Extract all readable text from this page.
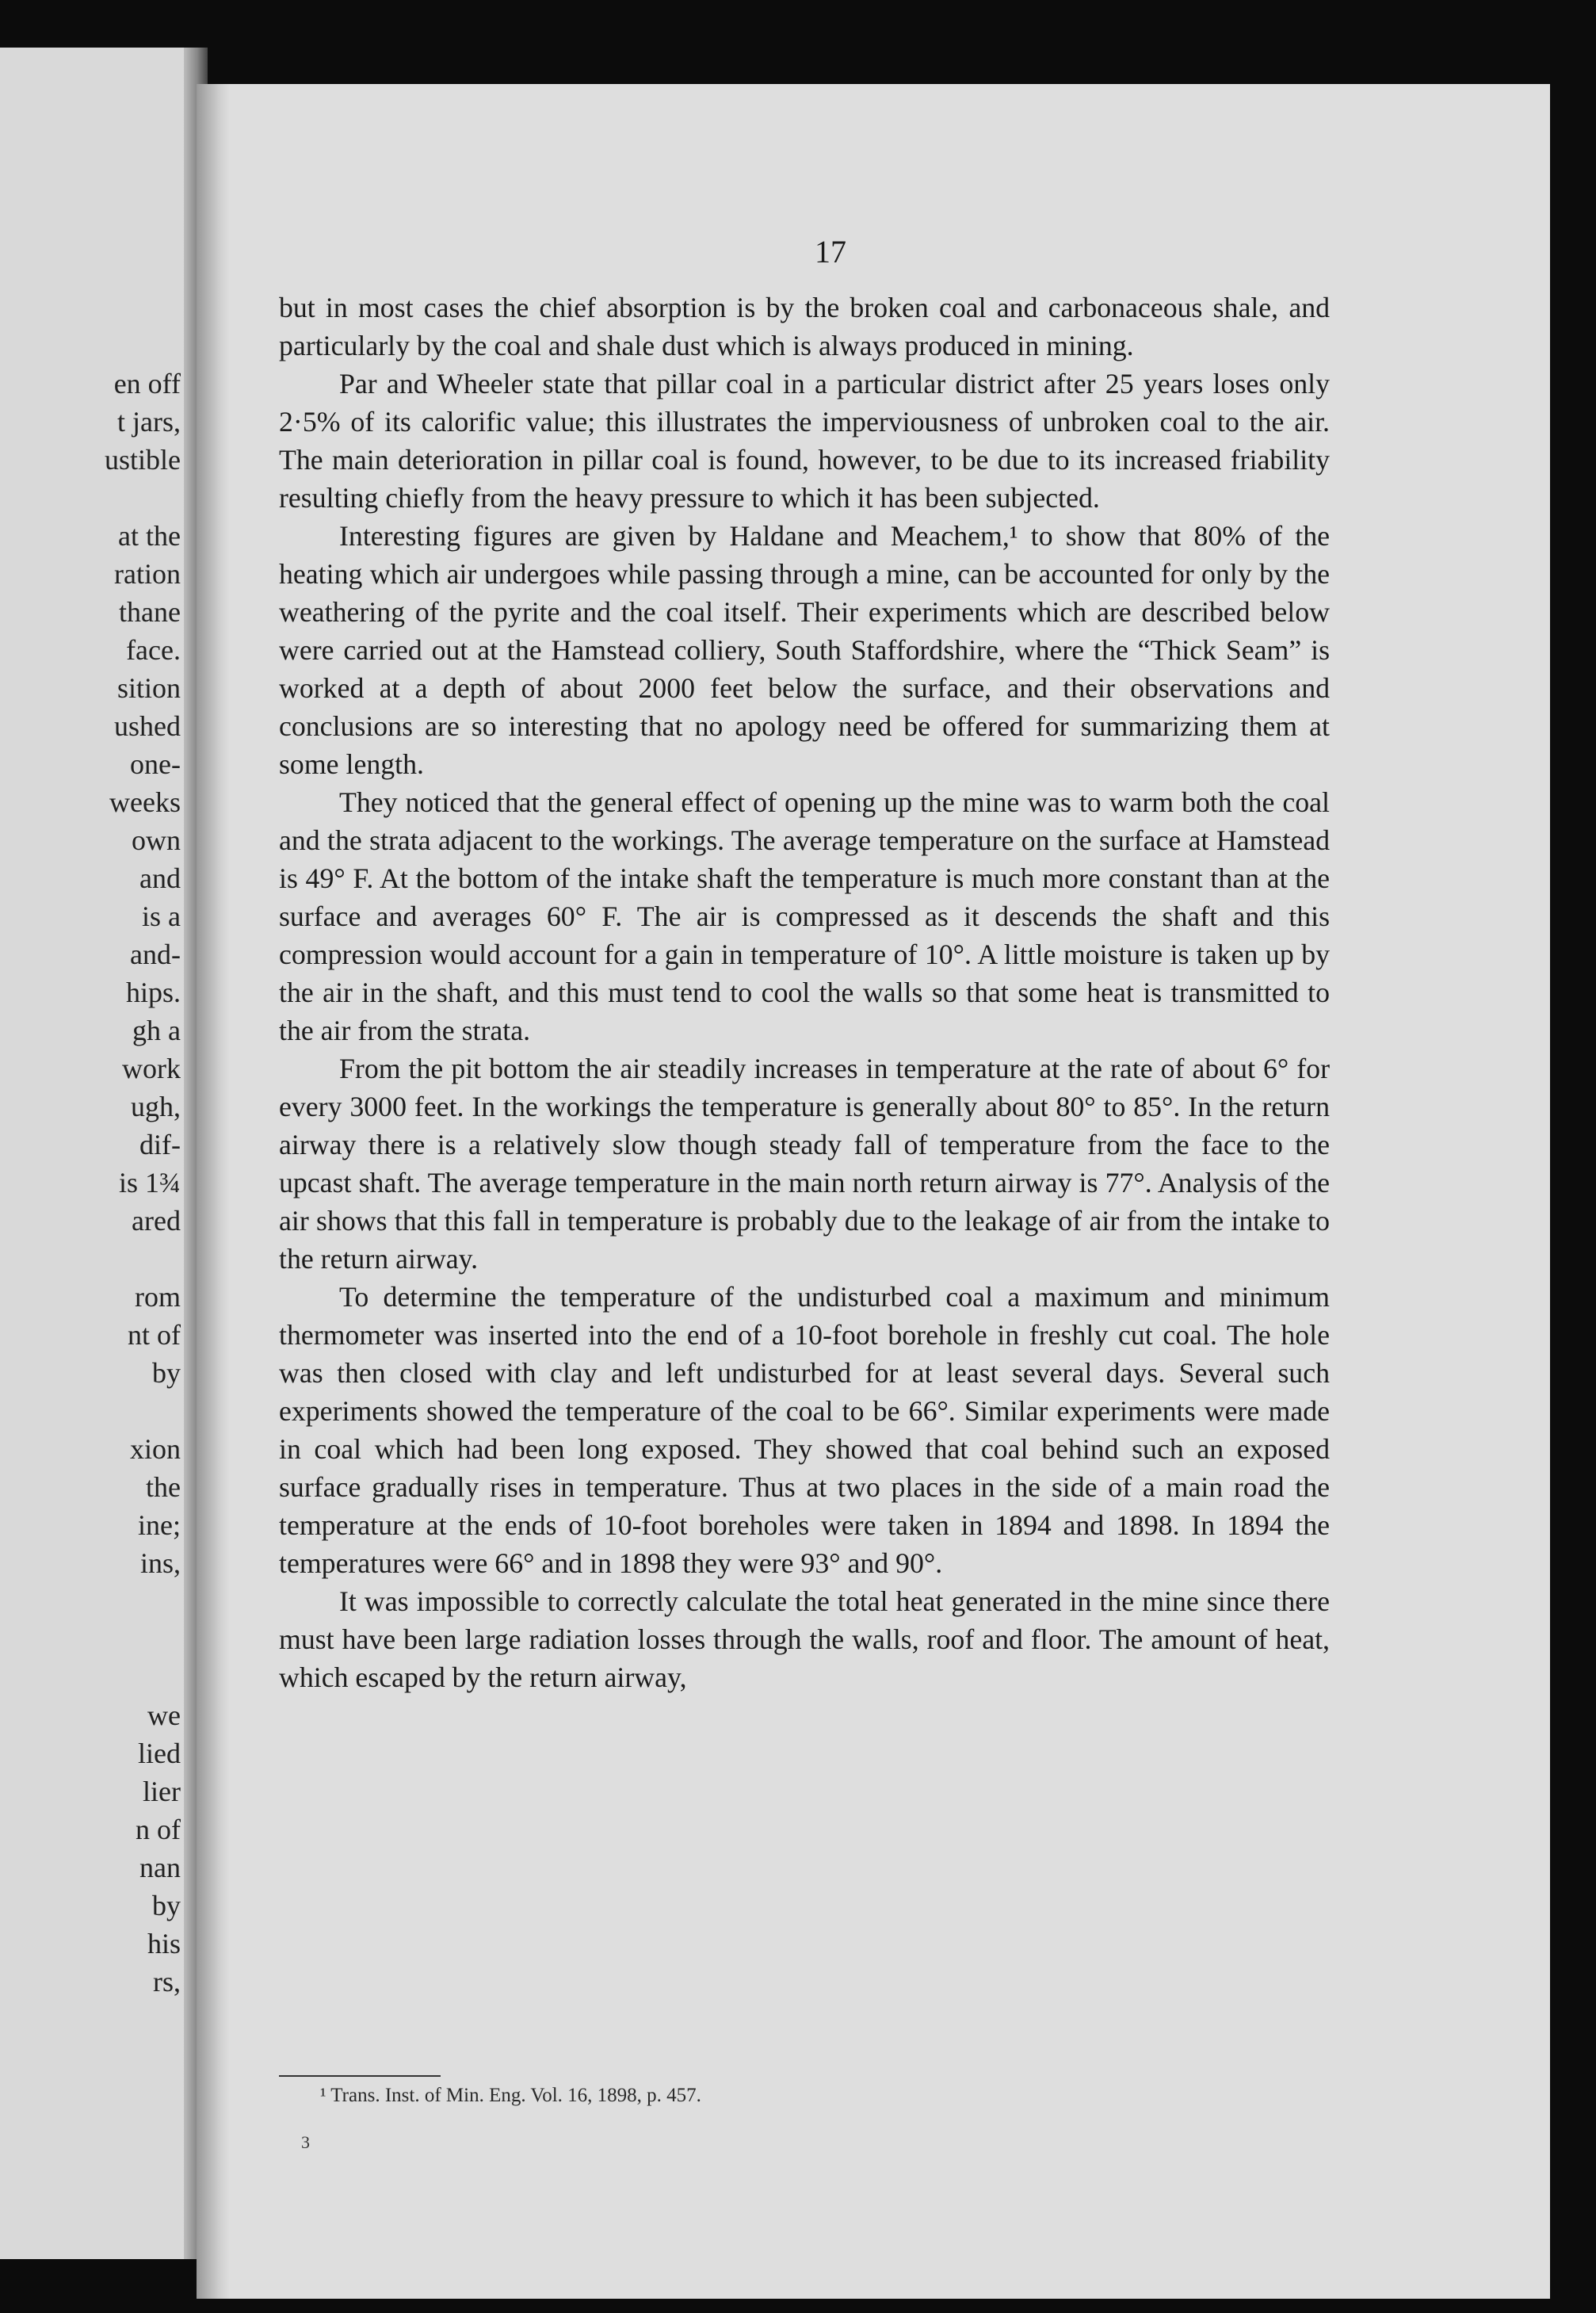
en off
t jars,
ustible
at the
ration
thane
face.
sition
ushed
one-
weeks
own
and
is a
and-
hips.
gh a
work
ugh,
dif-
is 1¾
ared
rom
nt of
by
xion
the
ine;
ins,
we
lied
lier
n of
nan
by
his
rs,
17

but in most cases the chief absorption is by the broken coal and carbonaceous shale, and particularly by the coal and shale dust which is always produced in mining.

Par and Wheeler state that pillar coal in a particular district after 25 years loses only 2·5% of its calorific value; this illustrates the imperviousness of unbroken coal to the air. The main deterioration in pillar coal is found, however, to be due to its increased friability resulting chiefly from the heavy pressure to which it has been subjected.

Interesting figures are given by Haldane and Meachem,¹ to show that 80% of the heating which air undergoes while passing through a mine, can be accounted for only by the weathering of the pyrite and the coal itself. Their experiments which are described below were carried out at the Hamstead colliery, South Staffordshire, where the “Thick Seam” is worked at a depth of about 2000 feet below the surface, and their observations and conclusions are so interesting that no apology need be offered for summarizing them at some length.

They noticed that the general effect of opening up the mine was to warm both the coal and the strata adjacent to the workings. The average temperature on the surface at Hamstead is 49° F. At the bottom of the intake shaft the temperature is much more constant than at the surface and averages 60° F. The air is compressed as it descends the shaft and this compression would account for a gain in temperature of 10°. A little moisture is taken up by the air in the shaft, and this must tend to cool the walls so that some heat is transmitted to the air from the strata.

From the pit bottom the air steadily increases in temperature at the rate of about 6° for every 3000 feet. In the workings the temperature is generally about 80° to 85°. In the return airway there is a relatively slow though steady fall of temperature from the face to the upcast shaft. The average temperature in the main north return airway is 77°. Analysis of the air shows that this fall in temperature is probably due to the leakage of air from the intake to the return airway.

To determine the temperature of the undisturbed coal a maximum and minimum thermometer was inserted into the end of a 10-foot borehole in freshly cut coal. The hole was then closed with clay and left undisturbed for at least several days. Several such experiments showed the temperature of the coal to be 66°. Similar experiments were made in coal which had been long exposed. They showed that coal behind such an exposed surface gradually rises in temperature. Thus at two places in the side of a main road the temperature at the ends of 10-foot boreholes were taken in 1894 and 1898. In 1894 the temperatures were 66° and in 1898 they were 93° and 90°.

It was impossible to correctly calculate the total heat generated in the mine since there must have been large radiation losses through the walls, roof and floor. The amount of heat, which escaped by the return airway,

¹ Trans. Inst. of Min. Eng. Vol. 16, 1898, p. 457.
3
